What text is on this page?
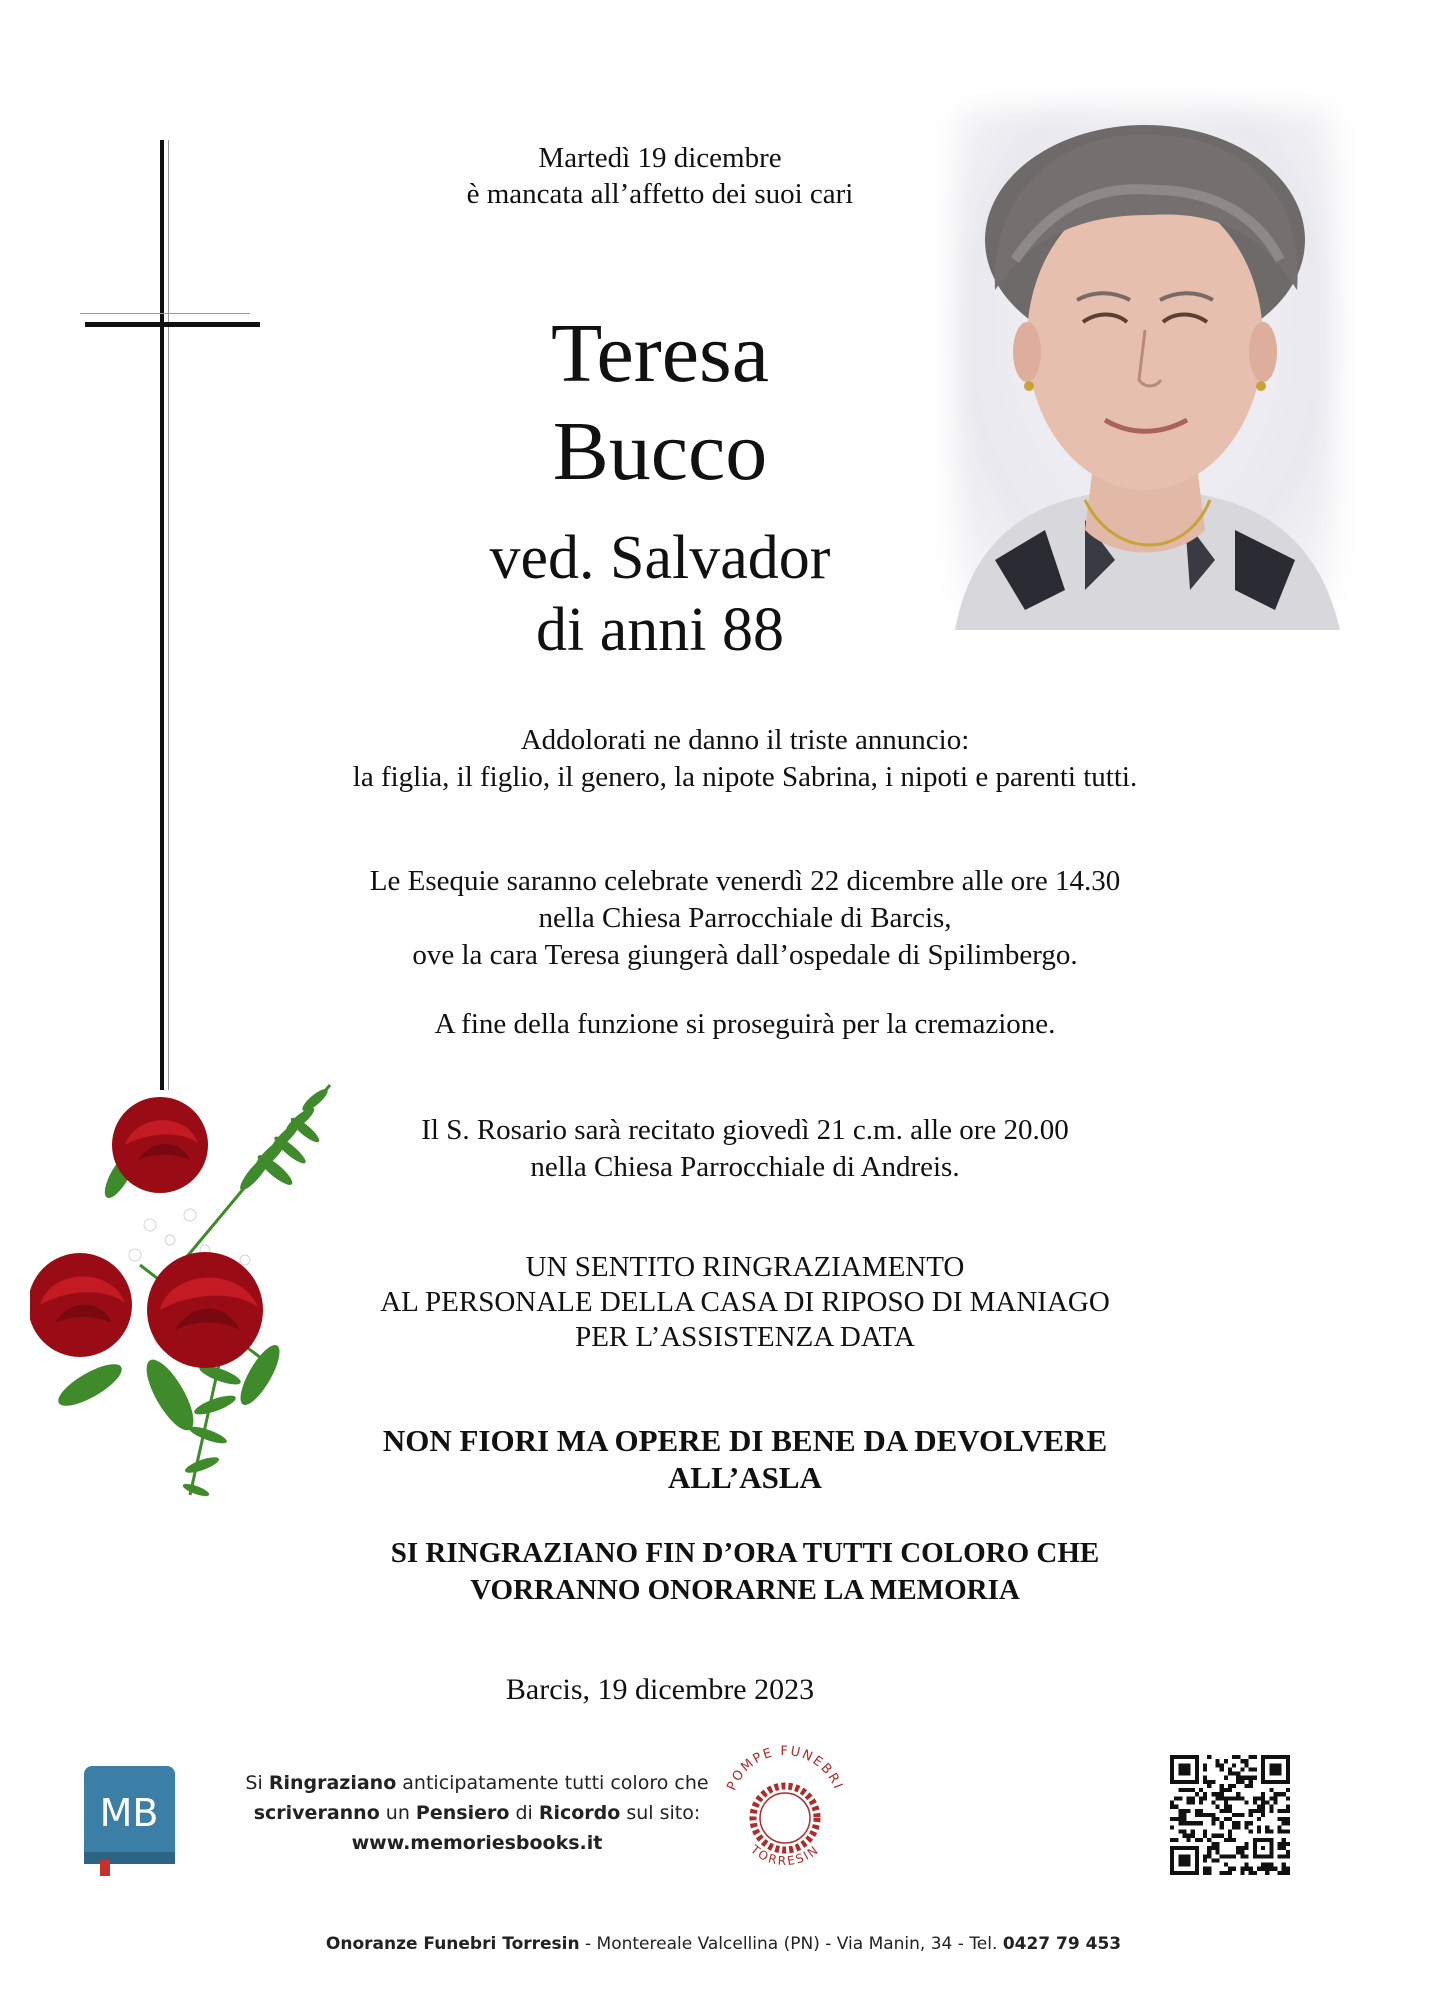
Martedì 19 dicembre
è mancata all’affetto dei suoi cari
Teresa
Bucco
ved. Salvador
di anni 88
Addolorati ne danno il triste annuncio:
la figlia, il figlio, il genero, la nipote Sabrina, i nipoti e parenti tutti.
Le Esequie saranno celebrate venerdì 22 dicembre alle ore 14.30
nella Chiesa Parrocchiale di Barcis,
ove la cara Teresa giungerà dall’ospedale di Spilimbergo.
A fine della funzione si proseguirà per la cremazione.
Il S. Rosario sarà recitato giovedì 21 c.m. alle ore 20.00
nella Chiesa Parrocchiale di Andreis.
UN SENTITO RINGRAZIAMENTO
AL PERSONALE DELLA CASA DI RIPOSO DI MANIAGO
PER L’ASSISTENZA DATA
NON FIORI MA OPERE DI BENE DA DEVOLVERE
ALL’ASLA
SI RINGRAZIANO FIN D’ORA TUTTI COLORO CHE
VORRANNO ONORARNE LA MEMORIA
Barcis, 19 dicembre 2023
MB
Si Ringraziano anticipatamente tutti coloro che
scriveranno un Pensiero di Ricordo sul sito:
www.memoriesbooks.it
POMPE FUNEBRI
TORRESIN
Onoranze Funebri Torresin - Montereale Valcellina (PN) - Via Manin, 34 - Tel. 0427 79 453
